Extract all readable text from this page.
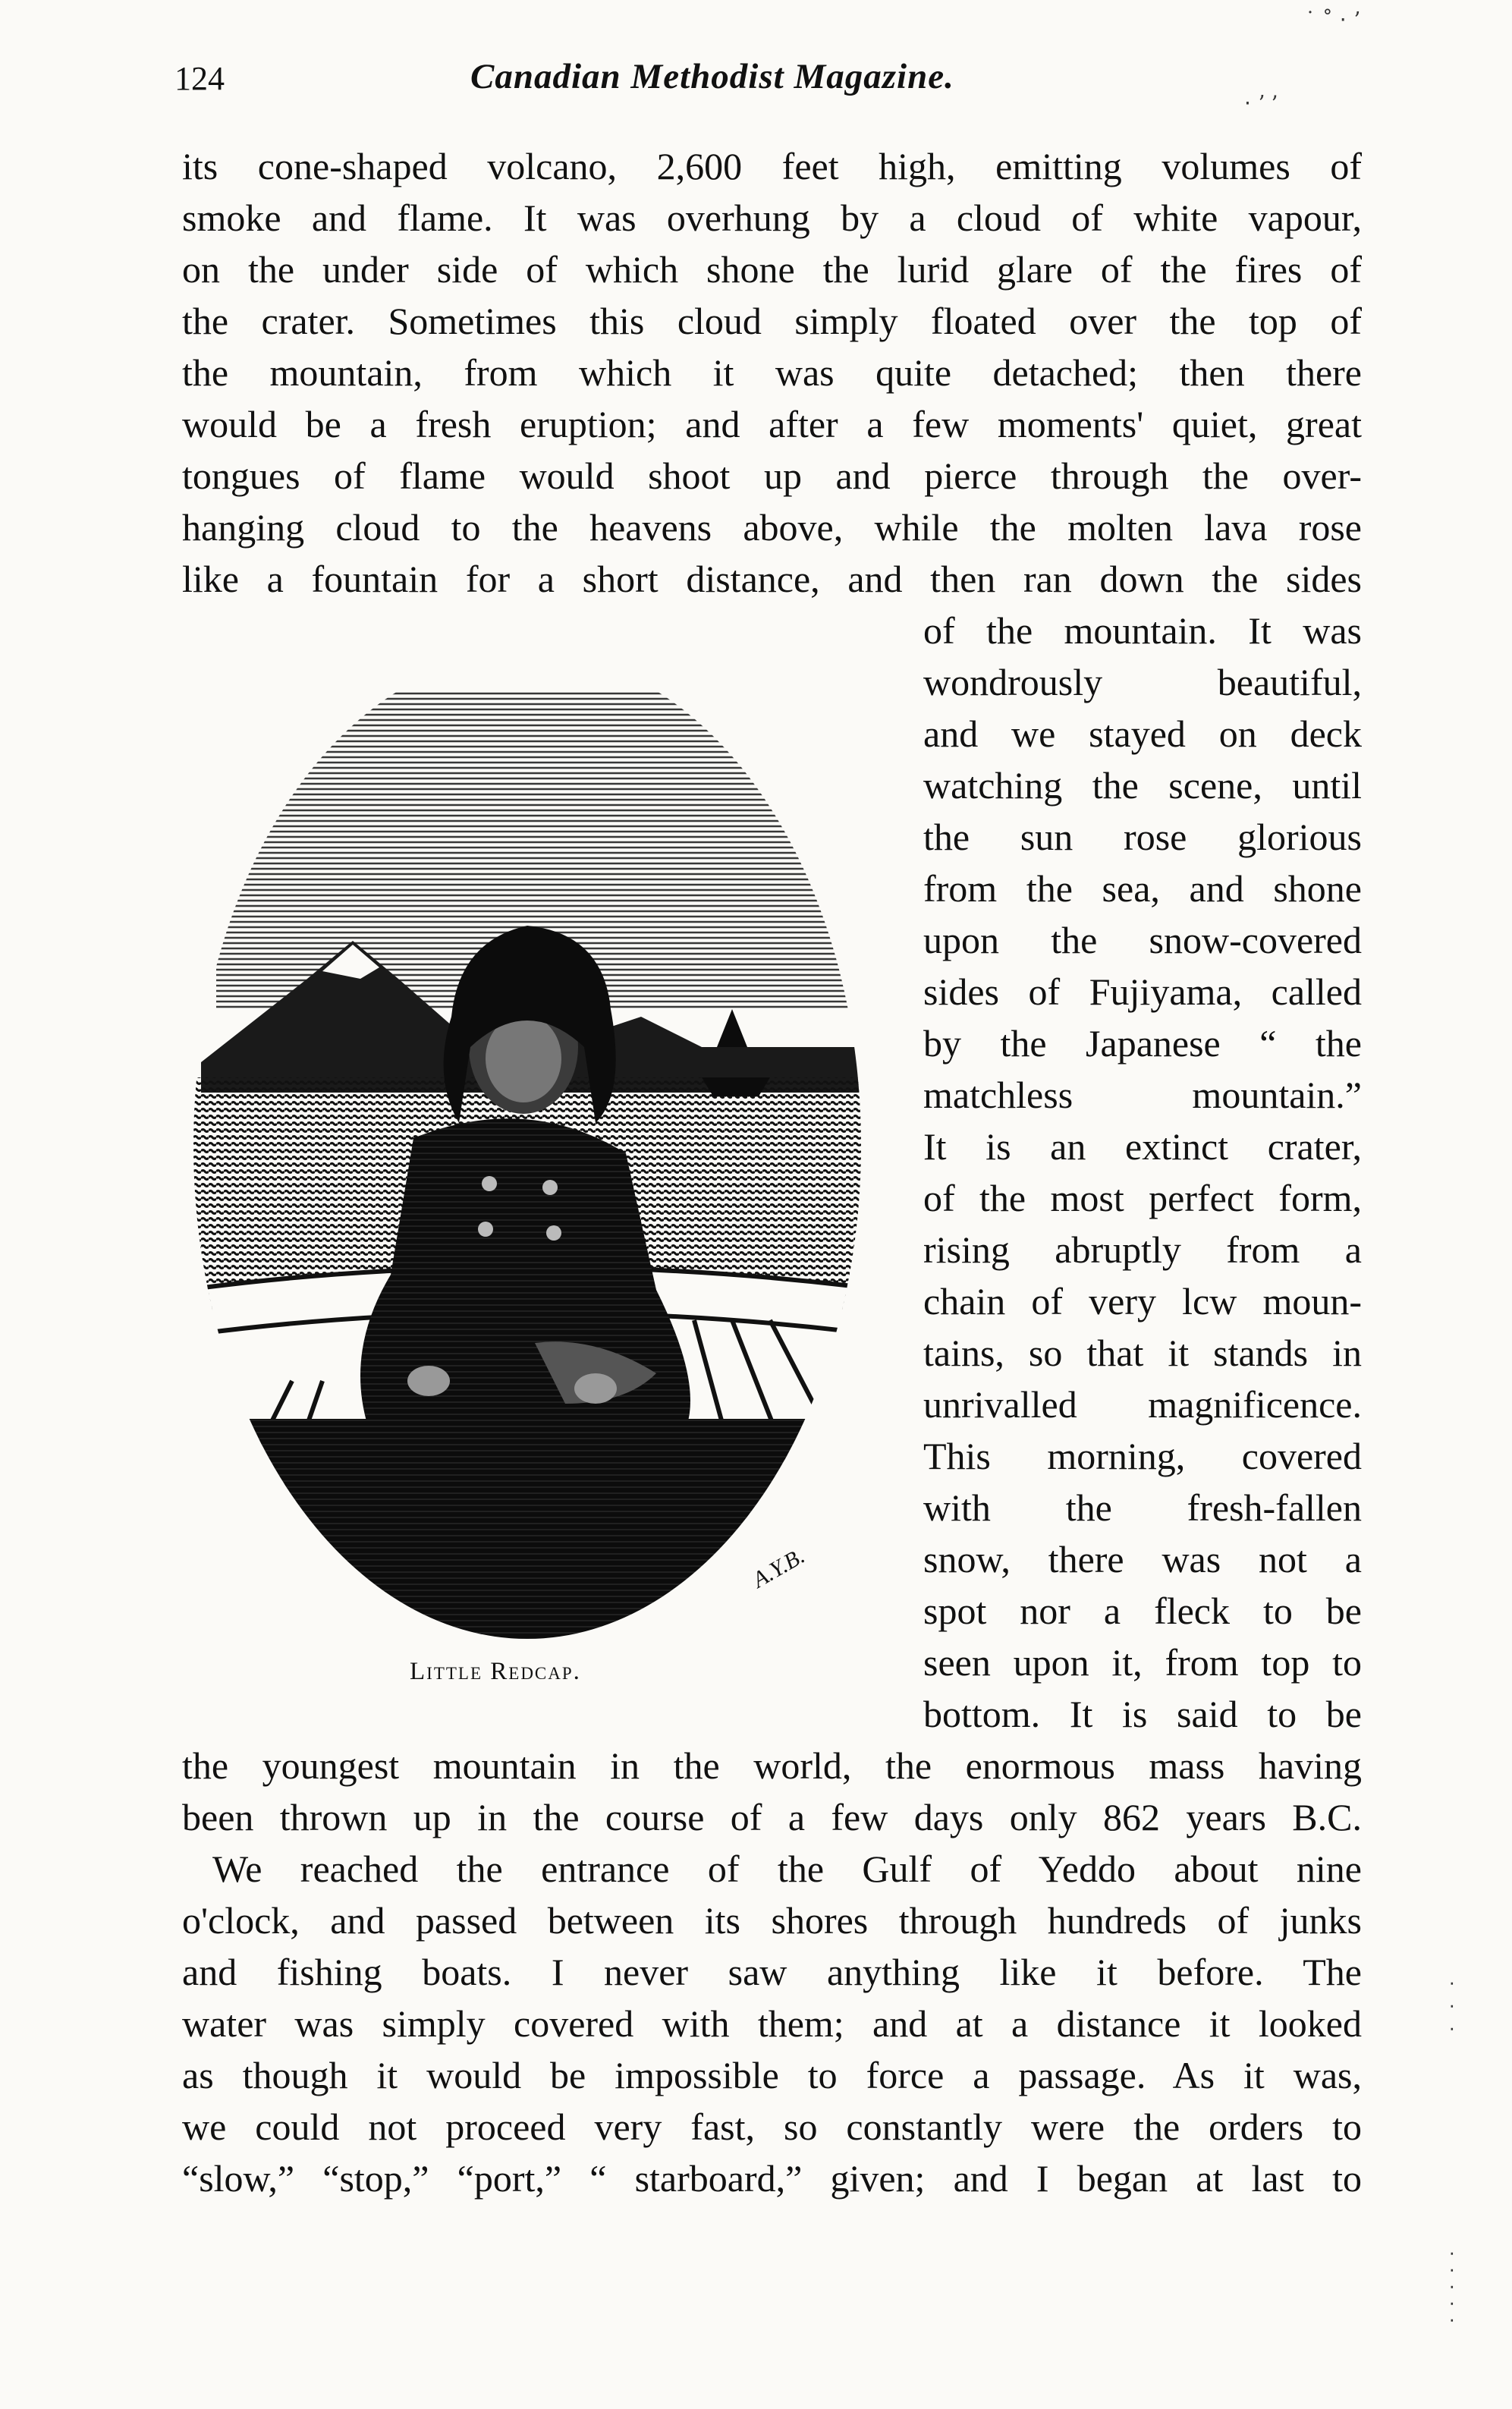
124	Canadian Methodist Magazine.
‧ ʼ ’
˙ ˚ ‧ ʼ
its cone-shaped volcano, 2,600 feet high, emitting volumes of
smoke and flame. It was overhung by a cloud of white vapour,
on the under side of which shone the lurid glare of the fires of
the crater. Sometimes this cloud simply floated over the top of
the mountain, from which it was quite detached; then there
would be a fresh eruption; and after a few moments' quiet, great
tongues of flame would shoot up and pierce through the over-
hanging cloud to the heavens above, while the molten lava rose
like a fountain for a short distance, and then ran down the sides
of the mountain. It was
wondrously beautiful,
and we stayed on deck
watching the scene, until
the sun rose glorious
from the sea, and shone
upon the snow-covered
sides of Fujiyama, called
by the Japanese “ the
matchless mountain.”
It is an extinct crater,
of the most perfect form,
rising abruptly from a
chain of very lcw moun-
tains, so that it stands in
unrivalled magnificence.
This morning, covered
with the fresh-fallen
snow, there was not a
spot nor a fleck to be
seen upon it, from top to
bottom. It is said to be
the youngest mountain in the world, the enormous mass having
been thrown up in the course of a few days only 862 years B.C.
We reached the entrance of the Gulf of Yeddo about nine
o'clock, and passed between its shores through hundreds of junks
and fishing boats. I never saw anything like it before. The
water was simply covered with them; and at a distance it looked
as though it would be impossible to force a passage. As it was,
we could not proceed very fast, so constantly were the orders to
“slow,” “stop,” “port,” “ starboard,” given; and I began at last to
A.Y.B.
Little Redcap.
‧
‧
‧
‧
‧
‧
‧
‧
